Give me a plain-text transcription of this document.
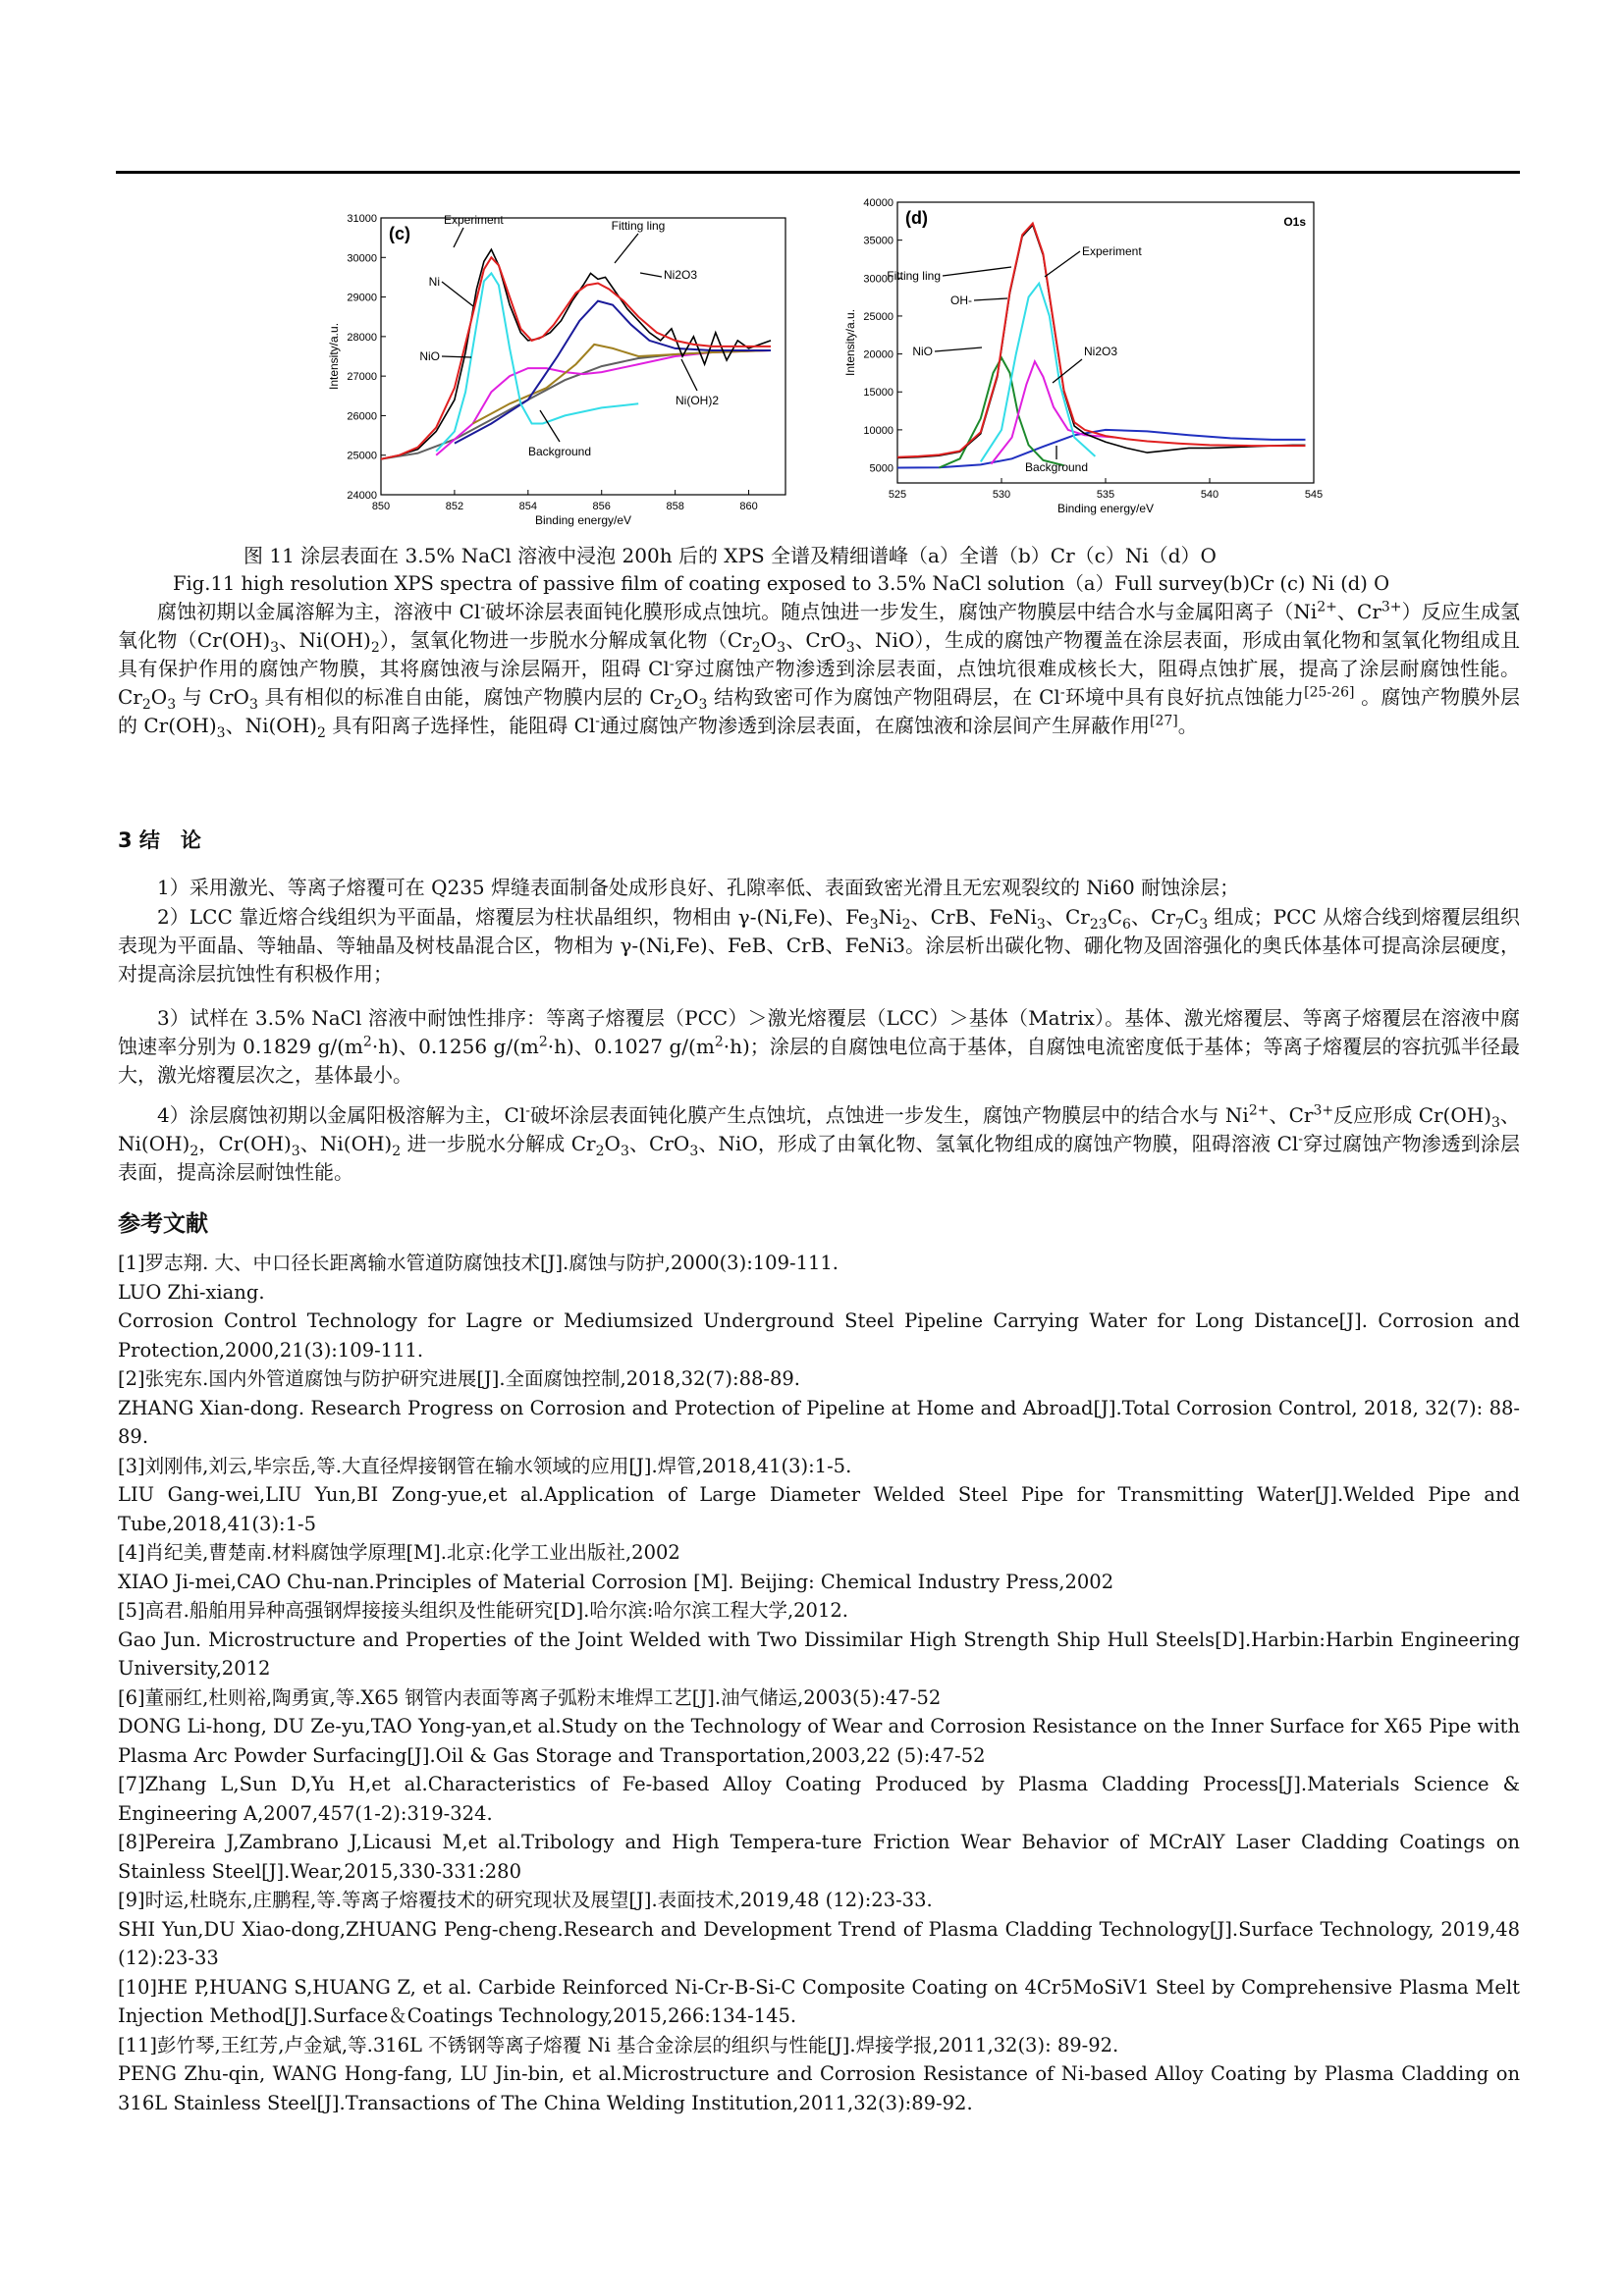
850	852	854	856	858	860
24000
25000
26000
27000
28000
29000
30000
31000
Binding energy/eV
Intensity/a.u.
(c)
Experiment	Fitting ling
Ni	Ni2O3
NiO
Ni(OH)2
Background
525	530	535	540	545
5000
10000
15000
20000
25000
30000
35000
40000
Binding energy/eV
Intensity/a.u.
(d)	O1s
Experiment
Fitting ling
OH-
NiO	Ni2O3
Background
图 11 涂层表面在 3.5% NaCl 溶液中浸泡 200h 后的 XPS 全谱及精细谱峰（a）全谱（b）Cr（c）Ni（d）O
Fig.11 high resolution XPS spectra of passive film of coating exposed to 3.5% NaCl solution（a）Full survey(b)Cr (c) Ni (d) O
腐蚀初期以金属溶解为主，溶液中 Cl-破坏涂层表面钝化膜形成点蚀坑。随点蚀进一步发生，腐蚀产物膜层中结合水与金属阳离子（$Ni^{2+}$、$Cr^{3+}$）反应生成氢氧化物（$Cr(OH)_3$、$Ni(OH)_2$），氢氧化物进一步脱水分解成氧化物（$Cr_2O_3$、CrO$_3$、NiO），生成的腐蚀产物覆盖在涂层表面，形成由氧化物和氢氧化物组成且具有保护作用的腐蚀产物膜，其将腐蚀液与涂层隔开，阻碍 Cl-穿过腐蚀产物渗透到涂层表面，点蚀坑很难成核长大，阻碍点蚀扩展，提高了涂层耐腐蚀性能。$Cr_2O_3$ 与 CrO$_3$ 具有相似的标准自由能，腐蚀产物膜内层的 $Cr_2O_3$ 结构致密可作为腐蚀产物阻碍层，在 Cl-环境中具有良好抗点蚀能力[25-26] 。腐蚀产物膜外层的 $Cr(OH)_3$、$Ni(OH)_2$ 具有阳离子选择性，能阻碍 Cl-通过腐蚀产物渗透到涂层表面，在腐蚀液和涂层间产生屏蔽作用[27]。
3 结　论
1）采用激光、等离子熔覆可在 Q235 焊缝表面制备处成形良好、孔隙率低、表面致密光滑且无宏观裂纹的 Ni60 耐蚀涂层；
2）LCC 靠近熔合线组织为平面晶，熔覆层为柱状晶组织，物相由 γ-(Ni,Fe)、$Fe_3Ni_2$、CrB、FeNi$_3$、$Cr_{23}C_6$、$Cr_7C_3$ 组成；PCC 从熔合线到熔覆层组织表现为平面晶、等轴晶、等轴晶及树枝晶混合区，物相为 γ-(Ni,Fe)、FeB、CrB、FeNi3。涂层析出碳化物、硼化物及固溶强化的奥氏体基体可提高涂层硬度，对提高涂层抗蚀性有积极作用；
3）试样在 3.5% NaCl 溶液中耐蚀性排序：等离子熔覆层（PCC）＞激光熔覆层（LCC）＞基体（Matrix）。基体、激光熔覆层、等离子熔覆层在溶液中腐蚀速率分别为 0.1829 $g/(m^2\cdot h)$、0.1256 $g/(m^2\cdot h)$、0.1027 $g/(m^2\cdot h)$；涂层的自腐蚀电位高于基体，自腐蚀电流密度低于基体；等离子熔覆层的容抗弧半径最大，激光熔覆层次之，基体最小。
4）涂层腐蚀初期以金属阳极溶解为主，Cl-破坏涂层表面钝化膜产生点蚀坑，点蚀进一步发生，腐蚀产物膜层中的结合水与 $Ni^{2+}$、$Cr^{3+}$反应形成 $Cr(OH)_3$、$Ni(OH)_2$，$Cr(OH)_3$、$Ni(OH)_2$ 进一步脱水分解成 $Cr_2O_3$、CrO$_3$、NiO，形成了由氧化物、氢氧化物组成的腐蚀产物膜，阻碍溶液 Cl-穿过腐蚀产物渗透到涂层表面，提高涂层耐蚀性能。
参考文献

[1]罗志翔. 大、中口径长距离输水管道防腐蚀技术[J].腐蚀与防护,2000(3):109-111.

LUO Zhi-xiang.

Corrosion Control Technology for Lagre or Mediumsized Underground Steel Pipeline Carrying Water for Long Distance[J]. Corrosion and Protection,2000,21(3):109-111.

[2]张宪东.国内外管道腐蚀与防护研究进展[J].全面腐蚀控制,2018,32(7):88-89.

ZHANG Xian-dong. Research Progress on Corrosion and Protection of Pipeline at Home and Abroad[J].Total Corrosion Control, 2018, 32(7): 88- 89.

[3]刘刚伟,刘云,毕宗岳,等.大直径焊接钢管在输水领域的应用[J].焊管,2018,41(3):1-5.

LIU Gang-wei,LIU Yun,BI Zong-yue,et al.Application of Large Diameter Welded Steel Pipe for Transmitting Water[J].Welded Pipe and Tube,2018,41(3):1-5

[4]肖纪美,曹楚南.材料腐蚀学原理[M].北京:化学工业出版社,2002

XIAO Ji-mei,CAO Chu-nan.Principles of Material Corrosion [M]. Beijing: Chemical Industry Press,2002

[5]高君.船舶用异种高强钢焊接接头组织及性能研究[D].哈尔滨:哈尔滨工程大学,2012.

Gao Jun. Microstructure and Properties of the Joint Welded with Two Dissimilar High Strength Ship Hull Steels[D].Harbin:Harbin Engineering University,2012

[6]董丽红,杜则裕,陶勇寅,等.X65 钢管内表面等离子弧粉末堆焊工艺[J].油气储运,2003(5):47-52

DONG Li-hong, DU Ze-yu,TAO Yong-yan,et al.Study on the Technology of Wear and Corrosion Resistance on the Inner Surface for X65 Pipe with Plasma Arc Powder Surfacing[J].Oil & Gas Storage and Transportation,2003,22 (5):47-52

[7]Zhang L,Sun D,Yu H,et al.Characteristics of Fe-based Alloy Coating Produced by Plasma Cladding Process[J].Materials Science & Engineering A,2007,457(1-2):319-324.

[8]Pereira J,Zambrano J,Licausi M,et al.Tribology and High Tempera-ture Friction Wear Behavior of MCrAlY Laser Cladding Coatings on Stainless Steel[J].Wear,2015,330-331:280

[9]时运,杜晓东,庄鹏程,等.等离子熔覆技术的研究现状及展望[J].表面技术,2019,48 (12):23-33.

SHI Yun,DU Xiao-dong,ZHUANG Peng-cheng.Research and Development Trend of Plasma Cladding Technology[J].Surface Technology, 2019,48 (12):23-33

[10]HE P,HUANG S,HUANG Z, et al. Carbide Reinforced Ni-Cr-B-Si-C Composite Coating on 4Cr5MoSiV1 Steel by Comprehensive Plasma Melt Injection Method[J].Surface＆Coatings Technology,2015,266:134-145.

[11]彭竹琴,王红芳,卢金斌,等.316L 不锈钢等离子熔覆 Ni 基合金涂层的组织与性能[J].焊接学报,2011,32(3): 89-92.

PENG Zhu-qin, WANG Hong-fang, LU Jin-bin, et al.Microstructure and Corrosion Resistance of Ni-based Alloy Coating by Plasma Cladding on 316L Stainless Steel[J].Transactions of The China Welding Institution,2011,32(3):89-92.
